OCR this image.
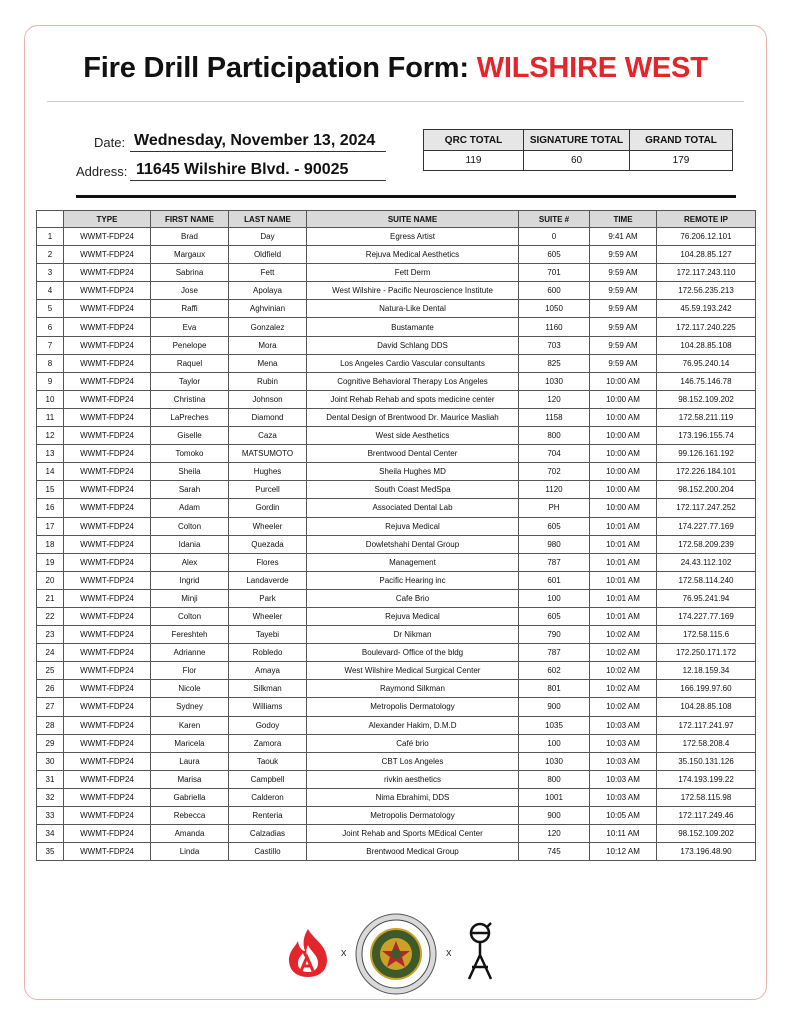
Fire Drill Participation Form: WILSHIRE WEST
Date: Wednesday, November 13, 2024
Address: 11645 Wilshire Blvd. - 90025
QRC TOTAL	SIGNATURE TOTAL	GRAND TOTAL
119	60	179
	TYPE	FIRST NAME	LAST NAME	SUITE NAME	SUITE #	TIME	REMOTE IP
1	WWMT-FDP24	Brad	Day	Egress Artist	0	9:41 AM	76.206.12.101
2	WWMT-FDP24	Margaux	Oldfield	Rejuva Medical Aesthetics	605	9:59 AM	104.28.85.127
3	WWMT-FDP24	Sabrina	Fett	Fett Derm	701	9:59 AM	172.117.243.110
4	WWMT-FDP24	Jose	Apolaya	West Wilshire - Pacific Neuroscience Institute	600	9:59 AM	172.56.235.213
5	WWMT-FDP24	Raffi	Aghvinian	Natura-Like Dental	1050	9:59 AM	45.59.193.242
6	WWMT-FDP24	Eva	Gonzalez	Bustamante	1160	9:59 AM	172.117.240.225
7	WWMT-FDP24	Penelope	Mora	David Schlang DDS	703	9:59 AM	104.28.85.108
8	WWMT-FDP24	Raquel	Mena	Los Angeles Cardio Vascular consultants	825	9:59 AM	76.95.240.14
9	WWMT-FDP24	Taylor	Rubin	Cognitive Behavioral Therapy Los Angeles	1030	10:00 AM	146.75.146.78
10	WWMT-FDP24	Christina	Johnson	Joint Rehab Rehab and spots medicine center	120	10:00 AM	98.152.109.202
11	WWMT-FDP24	LaPreches	Diamond	Dental Design of Brentwood Dr. Maurice Masliah	1158	10:00 AM	172.58.211.119
12	WWMT-FDP24	Giselle	Caza	West side Aesthetics	800	10:00 AM	173.196.155.74
13	WWMT-FDP24	Tomoko	MATSUMOTO	Brentwood Dental Center	704	10:00 AM	99.126.161.192
14	WWMT-FDP24	Sheila	Hughes	Sheila Hughes MD	702	10:00 AM	172.226.184.101
15	WWMT-FDP24	Sarah	Purcell	South Coast MedSpa	1120	10:00 AM	98.152.200.204
16	WWMT-FDP24	Adam	Gordin	Associated Dental Lab	PH	10:00 AM	172.117.247.252
17	WWMT-FDP24	Colton	Wheeler	Rejuva Medical	605	10:01 AM	174.227.77.169
18	WWMT-FDP24	Idania	Quezada	Dowletshahi Dental Group	980	10:01 AM	172.58.209.239
19	WWMT-FDP24	Alex	Flores	Management	787	10:01 AM	24.43.112.102
20	WWMT-FDP24	Ingrid	Landaverde	Pacific Hearing inc	601	10:01 AM	172.58.114.240
21	WWMT-FDP24	Minji	Park	Cafe Brio	100	10:01 AM	76.95.241.94
22	WWMT-FDP24	Colton	Wheeler	Rejuva Medical	605	10:01 AM	174.227.77.169
23	WWMT-FDP24	Fereshteh	Tayebi	Dr Nikman	790	10:02 AM	172.58.115.6
24	WWMT-FDP24	Adrianne	Robledo	Boulevard- Office of the bldg	787	10:02 AM	172.250.171.172
25	WWMT-FDP24	Flor	Amaya	West Wilshire Medical Surgical Center	602	10:02 AM	12.18.159.34
26	WWMT-FDP24	Nicole	Silkman	Raymond Silkman	801	10:02 AM	166.199.97.60
27	WWMT-FDP24	Sydney	Williams	Metropolis Dermatology	900	10:02 AM	104.28.85.108
28	WWMT-FDP24	Karen	Godoy	Alexander Hakim, D.M.D	1035	10:03 AM	172.117.241.97
29	WWMT-FDP24	Maricela	Zamora	Café brio	100	10:03 AM	172.58.208.4
30	WWMT-FDP24	Laura	Taouk	CBT Los Angeles	1030	10:03 AM	35.150.131.126
31	WWMT-FDP24	Marisa	Campbell	rivkin aesthetics	800	10:03 AM	174.193.199.22
32	WWMT-FDP24	Gabriella	Calderon	Nima Ebrahimi, DDS	1001	10:03 AM	172.58.115.98
33	WWMT-FDP24	Rebecca	Renteria	Metropolis Dermatology	900	10:05 AM	172.117.249.46
34	WWMT-FDP24	Amanda	Calzadias	Joint Rehab and Sports MEdical Center	120	10:11 AM	98.152.109.202
35	WWMT-FDP24	Linda	Castillo	Brentwood Medical Group	745	10:12 AM	173.196.48.90
x	x
